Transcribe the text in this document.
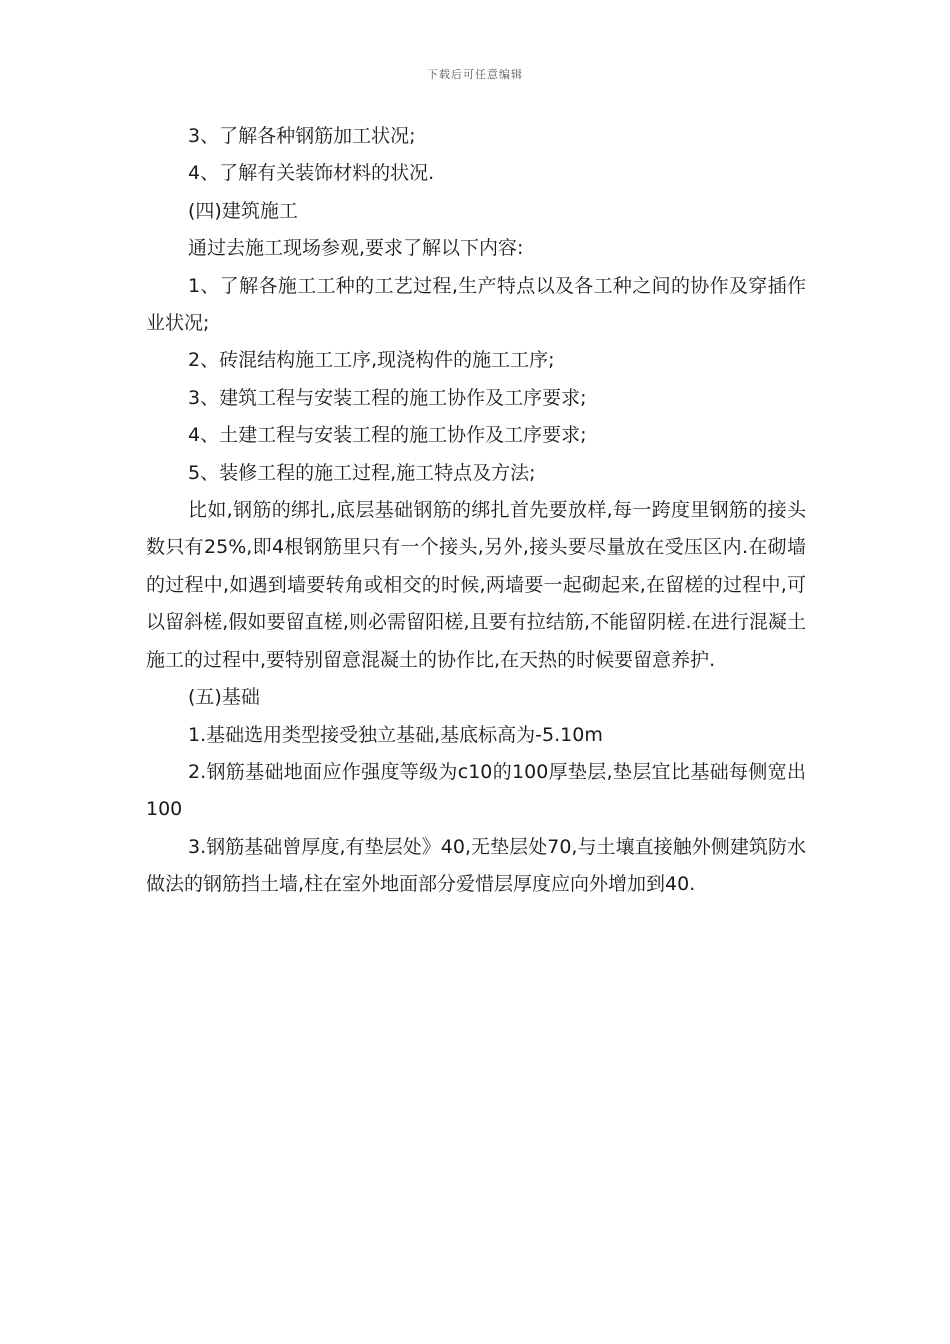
下载后可任意编辑

3、了解各种钢筋加工状况;

4、了解有关装饰材料的状况.

(四)建筑施工

通过去施工现场参观,要求了解以下内容:

1、了解各施工工种的工艺过程,生产特点以及各工种之间的协作及穿插作业状况;

2、砖混结构施工工序,现浇构件的施工工序;

3、建筑工程与安装工程的施工协作及工序要求;

4、土建工程与安装工程的施工协作及工序要求;

5、装修工程的施工过程,施工特点及方法;

比如,钢筋的绑扎,底层基础钢筋的绑扎首先要放样,每一跨度里钢筋的接头数只有25%,即4根钢筋里只有一个接头,另外,接头要尽量放在受压区内.在砌墙的过程中,如遇到墙要转角或相交的时候,两墙要一起砌起来,在留槎的过程中,可以留斜槎,假如要留直槎,则必需留阳槎,且要有拉结筋,不能留阴槎.在进行混凝土施工的过程中,要特别留意混凝土的协作比,在天热的时候要留意养护.

(五)基础

1.基础选用类型接受独立基础,基底标高为-5.10m

2.钢筋基础地面应作强度等级为c10的100厚垫层,垫层宜比基础每侧宽出100

3.钢筋基础曾厚度,有垫层处》40,无垫层处70,与土壤直接触外侧建筑防水做法的钢筋挡土墙,柱在室外地面部分爱惜层厚度应向外增加到40.
